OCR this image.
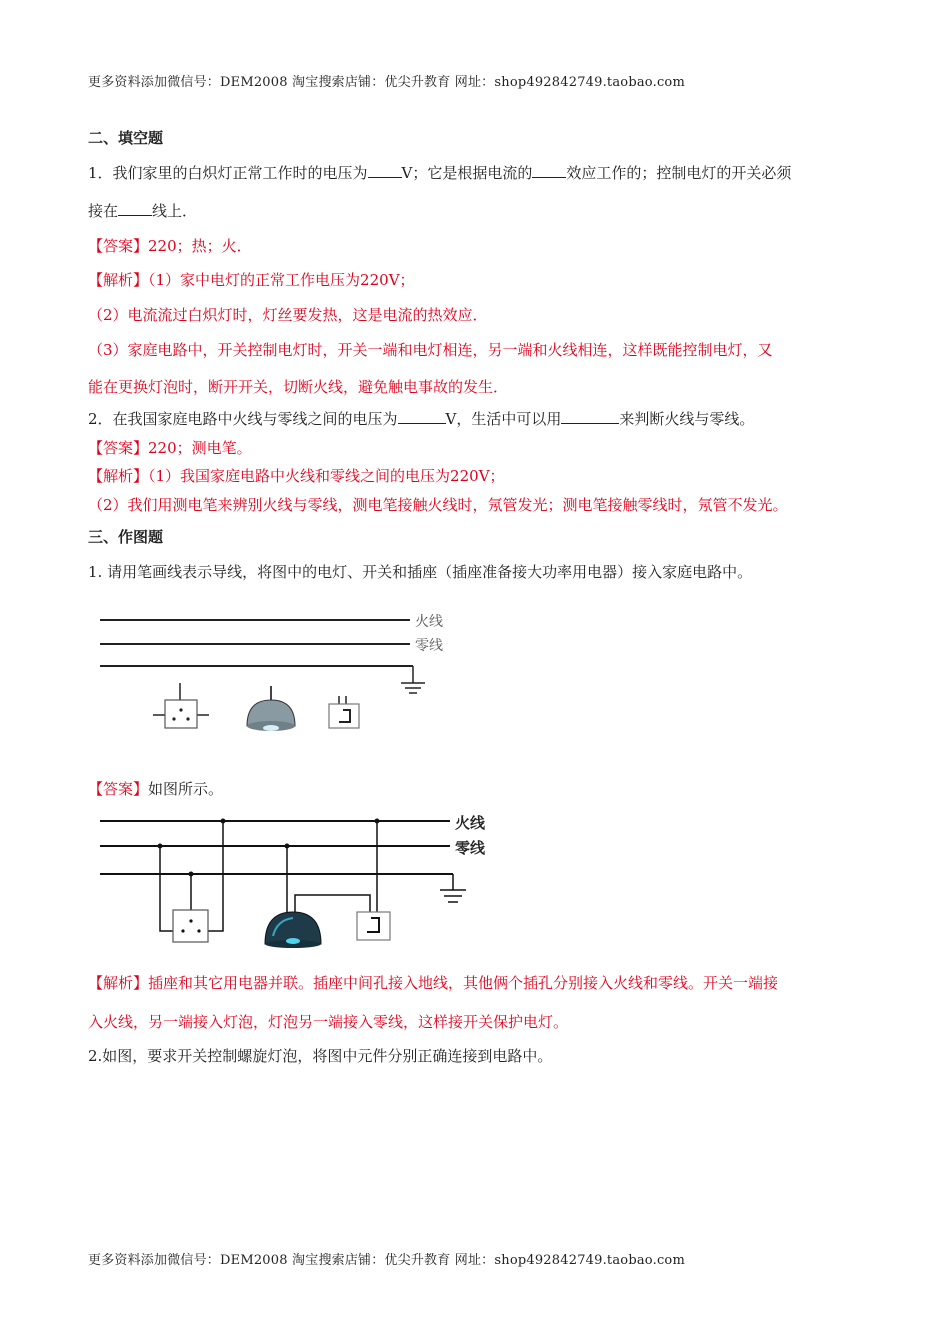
更多资料添加微信号：DEM2008 淘宝搜索店铺：优尖升教育 网址：shop492842749.taobao.com
二、填空题
1．我们家里的白炽灯正常工作时的电压为 V；它是根据电流的 效应工作的；控制电灯的开关必须
接在 线上．
【答案】220；热；火．
【解析】（1）家中电灯的正常工作电压为220V；
（2）电流流过白炽灯时，灯丝要发热，这是电流的热效应．
（3）家庭电路中，开关控制电灯时，开关一端和电灯相连，另一端和火线相连，这样既能控制电灯，又
能在更换灯泡时，断开开关，切断火线，避免触电事故的发生．
2．在我国家庭电路中火线与零线之间的电压为	V，生活中可以用	来判断火线与零线。
【答案】220；测电笔。
【解析】（1）我国家庭电路中火线和零线之间的电压为220V；
（2）我们用测电笔来辨别火线与零线，测电笔接触火线时，氖管发光；测电笔接触零线时，氖管不发光。
三、作图题
1. 请用笔画线表示导线，将图中的电灯、开关和插座（插座准备接大功率用电器）接入家庭电路中。
火线
零线
【答案】如图所示。
火线
零线
【解析】插座和其它用电器并联。插座中间孔接入地线，其他俩个插孔分别接入火线和零线。开关一端接
入火线，另一端接入灯泡，灯泡另一端接入零线，这样接开关保护电灯。
2.如图，要求开关控制螺旋灯泡，将图中元件分别正确连接到电路中。
更多资料添加微信号：DEM2008 淘宝搜索店铺：优尖升教育 网址：shop492842749.taobao.com
